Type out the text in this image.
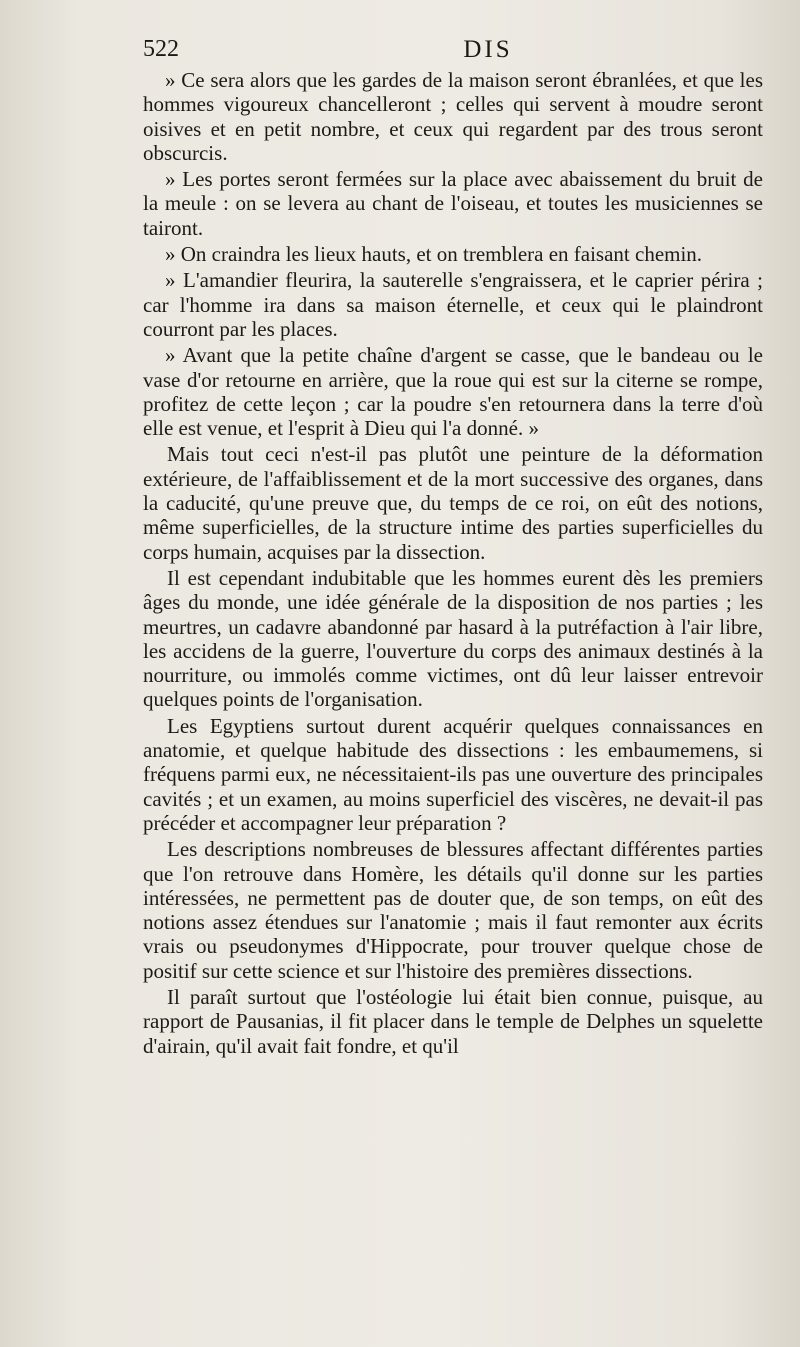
522	DIS

» Ce sera alors que les gardes de la maison seront ébranlées, et que les hommes vigoureux chancelleront ; celles qui servent à moudre seront oisives et en petit nombre, et ceux qui regardent par des trous seront obscurcis.

» Les portes seront fermées sur la place avec abaissement du bruit de la meule : on se levera au chant de l'oiseau, et toutes les musiciennes se tairont.

» On craindra les lieux hauts, et on tremblera en faisant chemin.

» L'amandier fleurira, la sauterelle s'engraissera, et le caprier périra ; car l'homme ira dans sa maison éternelle, et ceux qui le plaindront courront par les places.

» Avant que la petite chaîne d'argent se casse, que le bandeau ou le vase d'or retourne en arrière, que la roue qui est sur la citerne se rompe, profitez de cette leçon ; car la poudre s'en retournera dans la terre d'où elle est venue, et l'esprit à Dieu qui l'a donné. »

Mais tout ceci n'est-il pas plutôt une peinture de la déformation extérieure, de l'affaiblissement et de la mort successive des organes, dans la caducité, qu'une preuve que, du temps de ce roi, on eût des notions, même superficielles, de la structure intime des parties superficielles du corps humain, acquises par la dissection.

Il est cependant indubitable que les hommes eurent dès les premiers âges du monde, une idée générale de la disposition de nos parties ; les meurtres, un cadavre abandonné par hasard à la putréfaction à l'air libre, les accidens de la guerre, l'ouverture du corps des animaux destinés à la nourriture, ou immolés comme victimes, ont dû leur laisser entrevoir quelques points de l'organisation.

Les Egyptiens surtout durent acquérir quelques connaissances en anatomie, et quelque habitude des dissections : les embaumemens, si fréquens parmi eux, ne nécessitaient-ils pas une ouverture des principales cavités ; et un examen, au moins superficiel des viscères, ne devait-il pas précéder et accompagner leur préparation ?

Les descriptions nombreuses de blessures affectant différentes parties que l'on retrouve dans Homère, les détails qu'il donne sur les parties intéressées, ne permettent pas de douter que, de son temps, on eût des notions assez étendues sur l'anatomie ; mais il faut remonter aux écrits vrais ou pseudonymes d'Hippocrate, pour trouver quelque chose de positif sur cette science et sur l'histoire des premières dissections.

Il paraît surtout que l'ostéologie lui était bien connue, puisque, au rapport de Pausanias, il fit placer dans le temple de Delphes un squelette d'airain, qu'il avait fait fondre, et qu'il
